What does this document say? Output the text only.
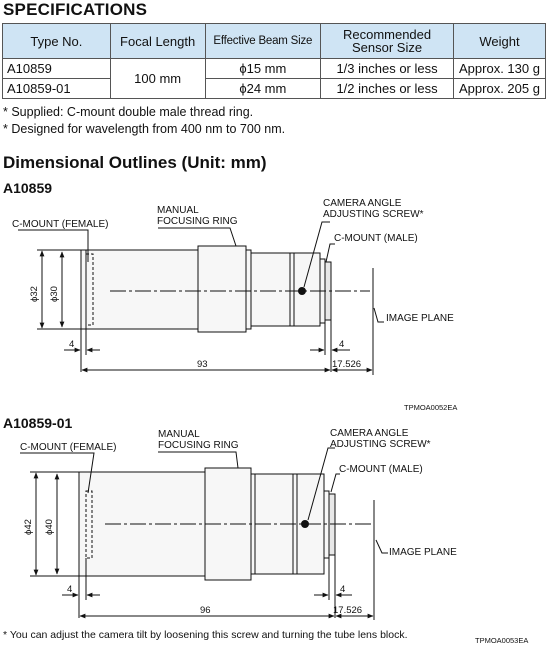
SPECIFICATIONS
Type No.	Focal Length	Effective Beam Size	Recommended Sensor Size	Weight
A10859	100 mm	ϕ15 mm	1/3 inches or less	Approx. 130 g
A10859-01		ϕ24 mm	1/2 inches or less	Approx. 205 g
* Supplied: C-mount double male thread ring.
* Designed for wavelength from 400 nm to 700 nm.
Dimensional Outlines (Unit: mm)
A10859
C-MOUNT (FEMALE)
MANUAL
FOCUSING RING
CAMERA ANGLE
ADJUSTING SCREW*
C-MOUNT (MALE)
IMAGE PLANE
ϕ32 ϕ30
4	4
93	17.526
TPMOA0052EA
A10859-01
C-MOUNT (FEMALE)
MANUAL
FOCUSING RING
CAMERA ANGLE
ADJUSTING SCREW*
C-MOUNT (MALE)
IMAGE PLANE
ϕ42 ϕ40
4	4
96	17.526
* You can adjust the camera tilt by loosening this screw and turning the tube lens block.	TPMOA0053EA
